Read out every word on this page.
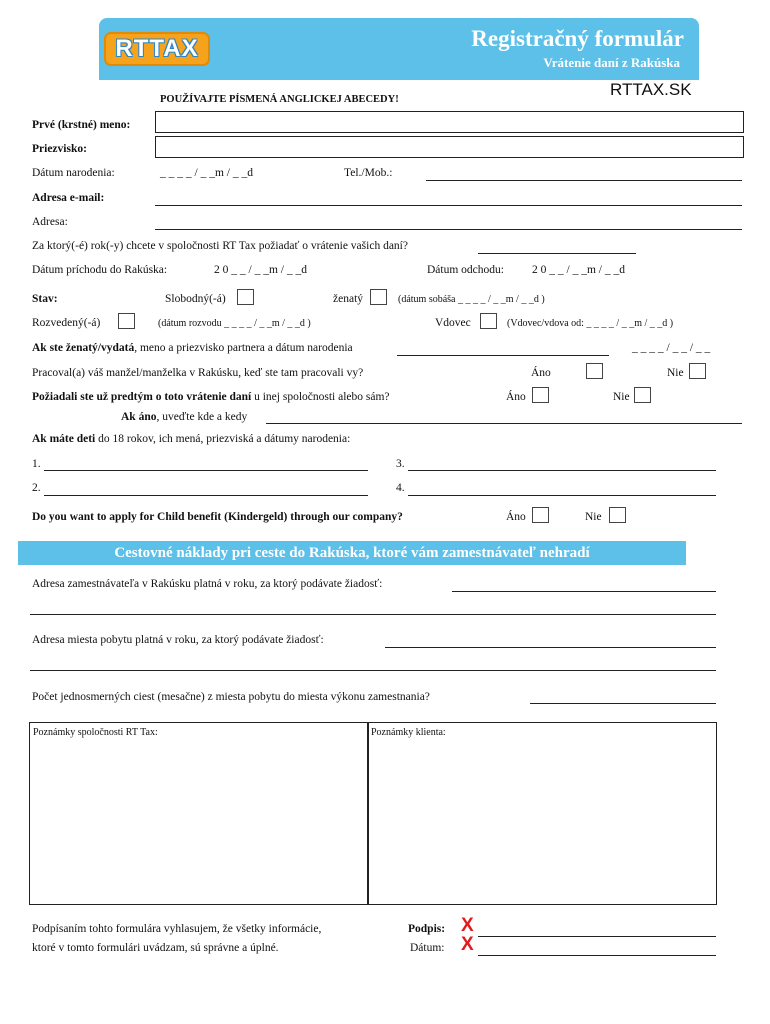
RTTAX	Registračný formulár
Vrátenie daní z Rakúska
RTTAX.SK
POUŽÍVAJTE PÍSMENÁ ANGLICKEJ ABECEDY!
Prvé (krstné) meno:
Priezvisko:
Dátum narodenia:	_ _ _ _ / _ _m / _ _d	Tel./Mob.:
Adresa e-mail:
Adresa:
Za ktorý(-é) rok(-y) chcete v spoločnosti RT Tax požiadať o vrátenie vašich daní?
Dátum príchodu do Rakúska:	2 0 _ _ / _ _m / _ _d	Dátum odchodu: 2 0 _ _ / _ _m / _ _d
Stav:	Slobodný(-á)	ženatý	(dátum sobáša _ _ _ _ / _ _m / _ _d )
Rozvedený(-á)	(dátum rozvodu _ _ _ _ / _ _m / _ _d )	Vdovec	(Vdovec/vdova od: _ _ _ _ / _ _m / _ _d )
Ak ste ženatý/vydatá, meno a priezvisko partnera a dátum narodenia	_ _ _ _ / _ _ / _ _
Pracoval(a) váš manžel/manželka v Rakúsku, keď ste tam pracovali vy?	Áno	Nie
Požiadali ste už predtým o toto vrátenie daní u inej spoločnosti alebo sám?	Áno	Nie
Ak áno, uveďte kde a kedy
Ak máte deti do 18 rokov, ich mená, priezviská a dátumy narodenia:
1.	3.
2.	4.
Do you want to apply for Child benefit (Kindergeld) through our company?	Áno	Nie
Cestovné náklady pri ceste do Rakúska, ktoré vám zamestnávateľ nehradí
Adresa zamestnávateľa v Rakúsku platná v roku, za ktorý podávate žiadosť:
Adresa miesta pobytu platná v roku, za ktorý podávate žiadosť:
Počet jednosmerných ciest (mesačne) z miesta pobytu do miesta výkonu zamestnania?
Poznámky spoločnosti RT Tax:	Poznámky klienta:
Podpísaním tohto formulára vyhlasujem, že všetky informácie,
ktoré v tomto formulári uvádzam, sú správne a úplné.
Podpis: X
Dátum: X
